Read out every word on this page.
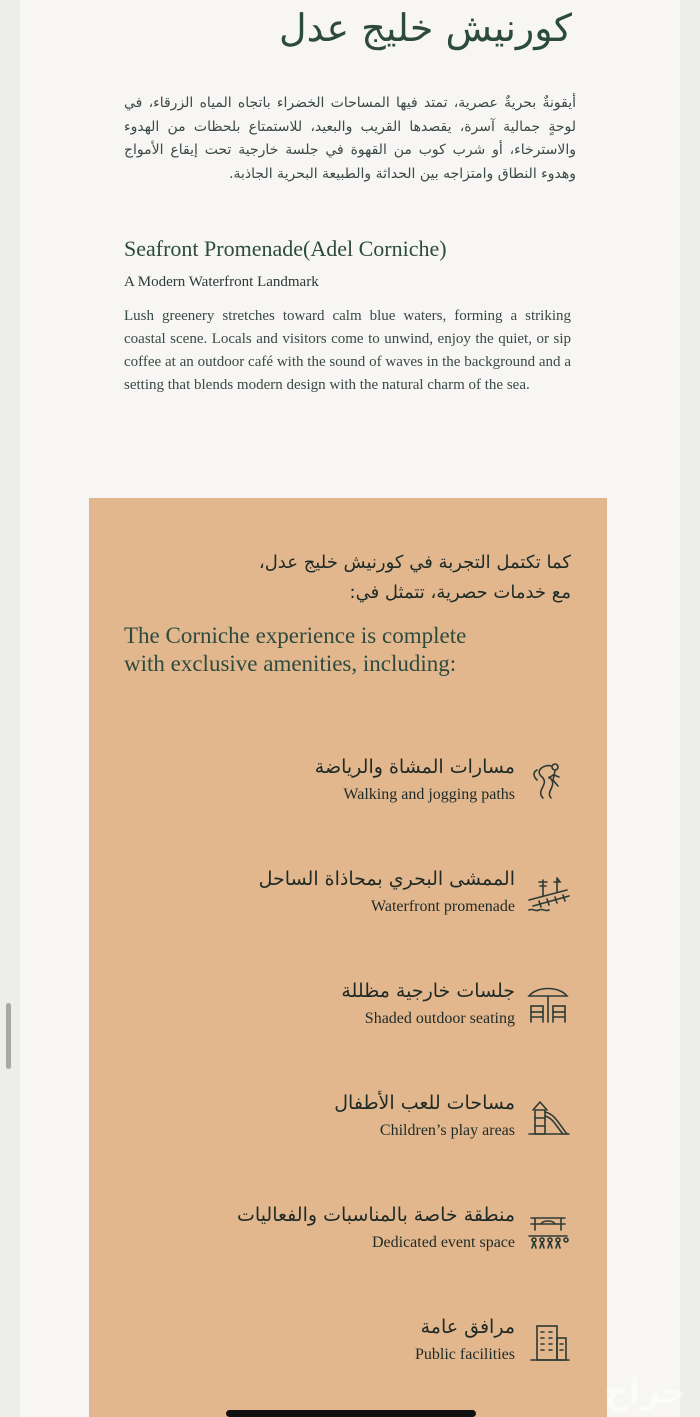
كورنيش خليج عدل

أيقونةٌ بحريةٌ عصرية، تمتد فيها المساحات الخضراء باتجاه المياه الزرقاء، في لوحةٍ جمالية آسرة، يقصدها القريب والبعيد، للاستمتاع بلحظات من الهدوء والاسترخاء، أو شرب كوب من القهوة في جلسة خارجية تحت إيقاع الأمواج وهدوء النطاق وامتزاجه بين الحداثة والطبيعة البحرية الجاذبة.

Seafront Promenade(Adel Corniche)

A Modern Waterfront Landmark

Lush greenery stretches toward calm blue waters, forming a striking coastal scene. Locals and visitors come to unwind, enjoy the quiet, or sip coffee at an outdoor café with the sound of waves in the background and a setting that blends modern design with the natural charm of the sea.

كما تكتمل التجربة في كورنيش خليج عدل،
مع خدمات حصرية، تتمثل في:

The Corniche experience is complete
with exclusive amenities, including:

مسارات المشاة والرياضة
Walking and jogging paths
الممشى البحري بمحاذاة الساحل
Waterfront promenade
جلسات خارجية مظللة
Shaded outdoor seating
مساحات للعب الأطفال
Children’s play areas
منطقة خاصة بالمناسبات والفعاليات
Dedicated event space
مرافق عامة
Public facilities
حراج
